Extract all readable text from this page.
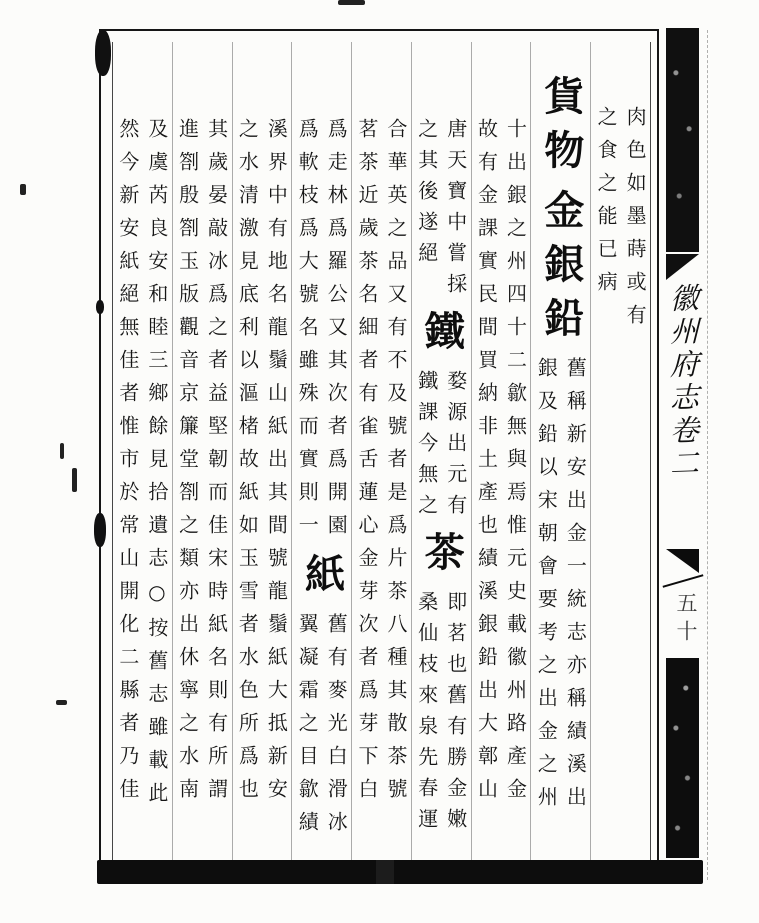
肉色如墨蒔或有
之食之能已病
貨物
金銀鉛
舊稱新安出金一統志亦稱績溪出
銀及鉛以宋朝會要考之出金之州
十出銀之州四十二歙無與焉惟元史載徽州路產金
故有金課實民間買納非土產也績溪銀鉛出大鄣山
唐天寶中嘗採
之其後遂絕
鐵
婺源出元有
鐵課今無之
茶
即茗也舊有勝金嫩
桑仙枝來泉先春運
合華英之品又有不及號者是爲片茶八種其散茶號
茗茶近歲茶名細者有雀舌蓮心金芽次者爲芽下白
爲走林爲羅公又其次者爲開園
爲軟枝爲大號名雖殊而實則一
紙
舊有麥光白滑冰
翼凝霜之目歙績
溪界中有地名龍鬚山紙出其間號龍鬚紙大抵新安
之水清激見底利以漚楮故紙如玉雪者水色所爲也
其歲晏敲冰爲之者益堅韌而佳宋時紙名則有所謂
進劄殷劄玉版觀音京簾堂劄之類亦出休寧之水南
及虞芮良安和睦三鄉餘見拾遺志○按舊志雖載此
然今新安紙絕無佳者惟市於常山開化二縣者乃佳	徽州府志卷二
五十
